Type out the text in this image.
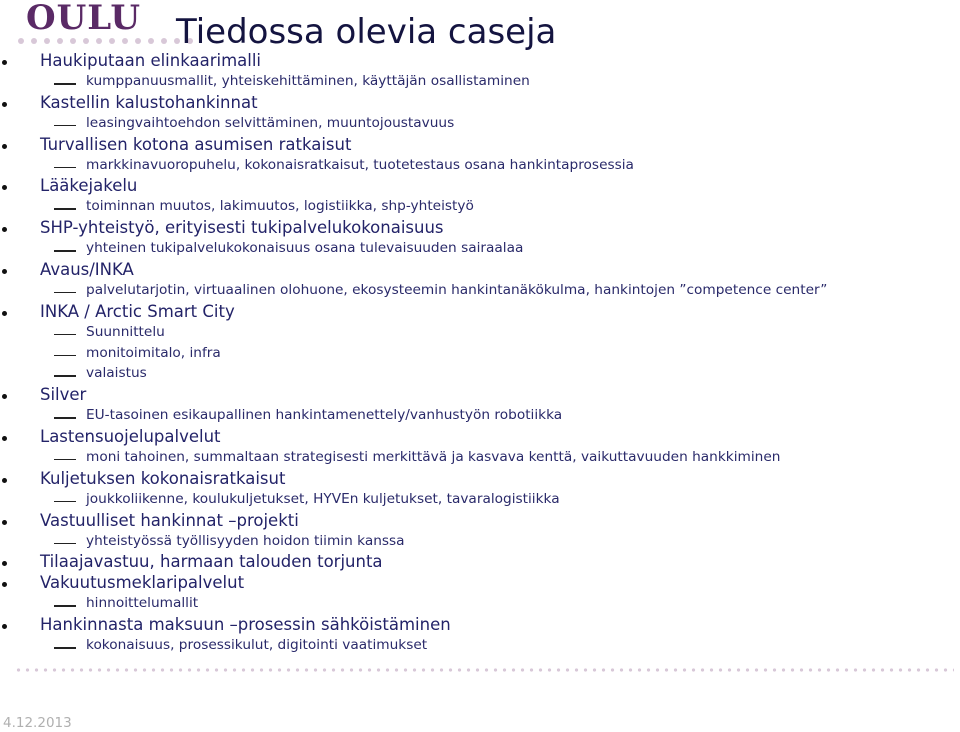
OULU Tiedossa olevia caseja
Haukiputaan elinkaarimalli
kumppanuusmallit, yhteiskehittäminen, käyttäjän osallistaminen
Kastellin kalustohankinnat
leasingvaihtoehdon selvittäminen, muuntojoustavuus
Turvallisen kotona asumisen ratkaisut
markkinavuoropuhelu, kokonaisratkaisut, tuotetestaus osana hankintaprosessia
Lääkejakelu
toiminnan muutos, lakimuutos, logistiikka, shp-yhteistyö
SHP-yhteistyö, erityisesti tukipalvelukokonaisuus
yhteinen tukipalvelukokonaisuus osana tulevaisuuden sairaalaa
Avaus/INKA
palvelutarjotin, virtuaalinen olohuone, ekosysteemin hankintanäkökulma, hankintojen ”competence center”
INKA / Arctic Smart City
Suunnittelu
monitoimitalo, infra
valaistus
Silver
EU-tasoinen esikaupallinen hankintamenettely/vanhustyön robotiikka
Lastensuojelupalvelut
moni tahoinen, summaltaan strategisesti merkittävä ja kasvava kenttä, vaikuttavuuden hankkiminen
Kuljetuksen kokonaisratkaisut
joukkoliikenne, koulukuljetukset, HYVEn kuljetukset, tavaralogistiikka
Vastuulliset hankinnat –projekti
yhteistyössä työllisyyden hoidon tiimin kanssa
Tilaajavastuu, harmaan talouden torjunta
Vakuutusmeklaripalvelut
hinnoittelumallit
Hankinnasta maksuun –prosessin sähköistäminen
kokonaisuus, prosessikulut, digitointi vaatimukset
4.12.2013
